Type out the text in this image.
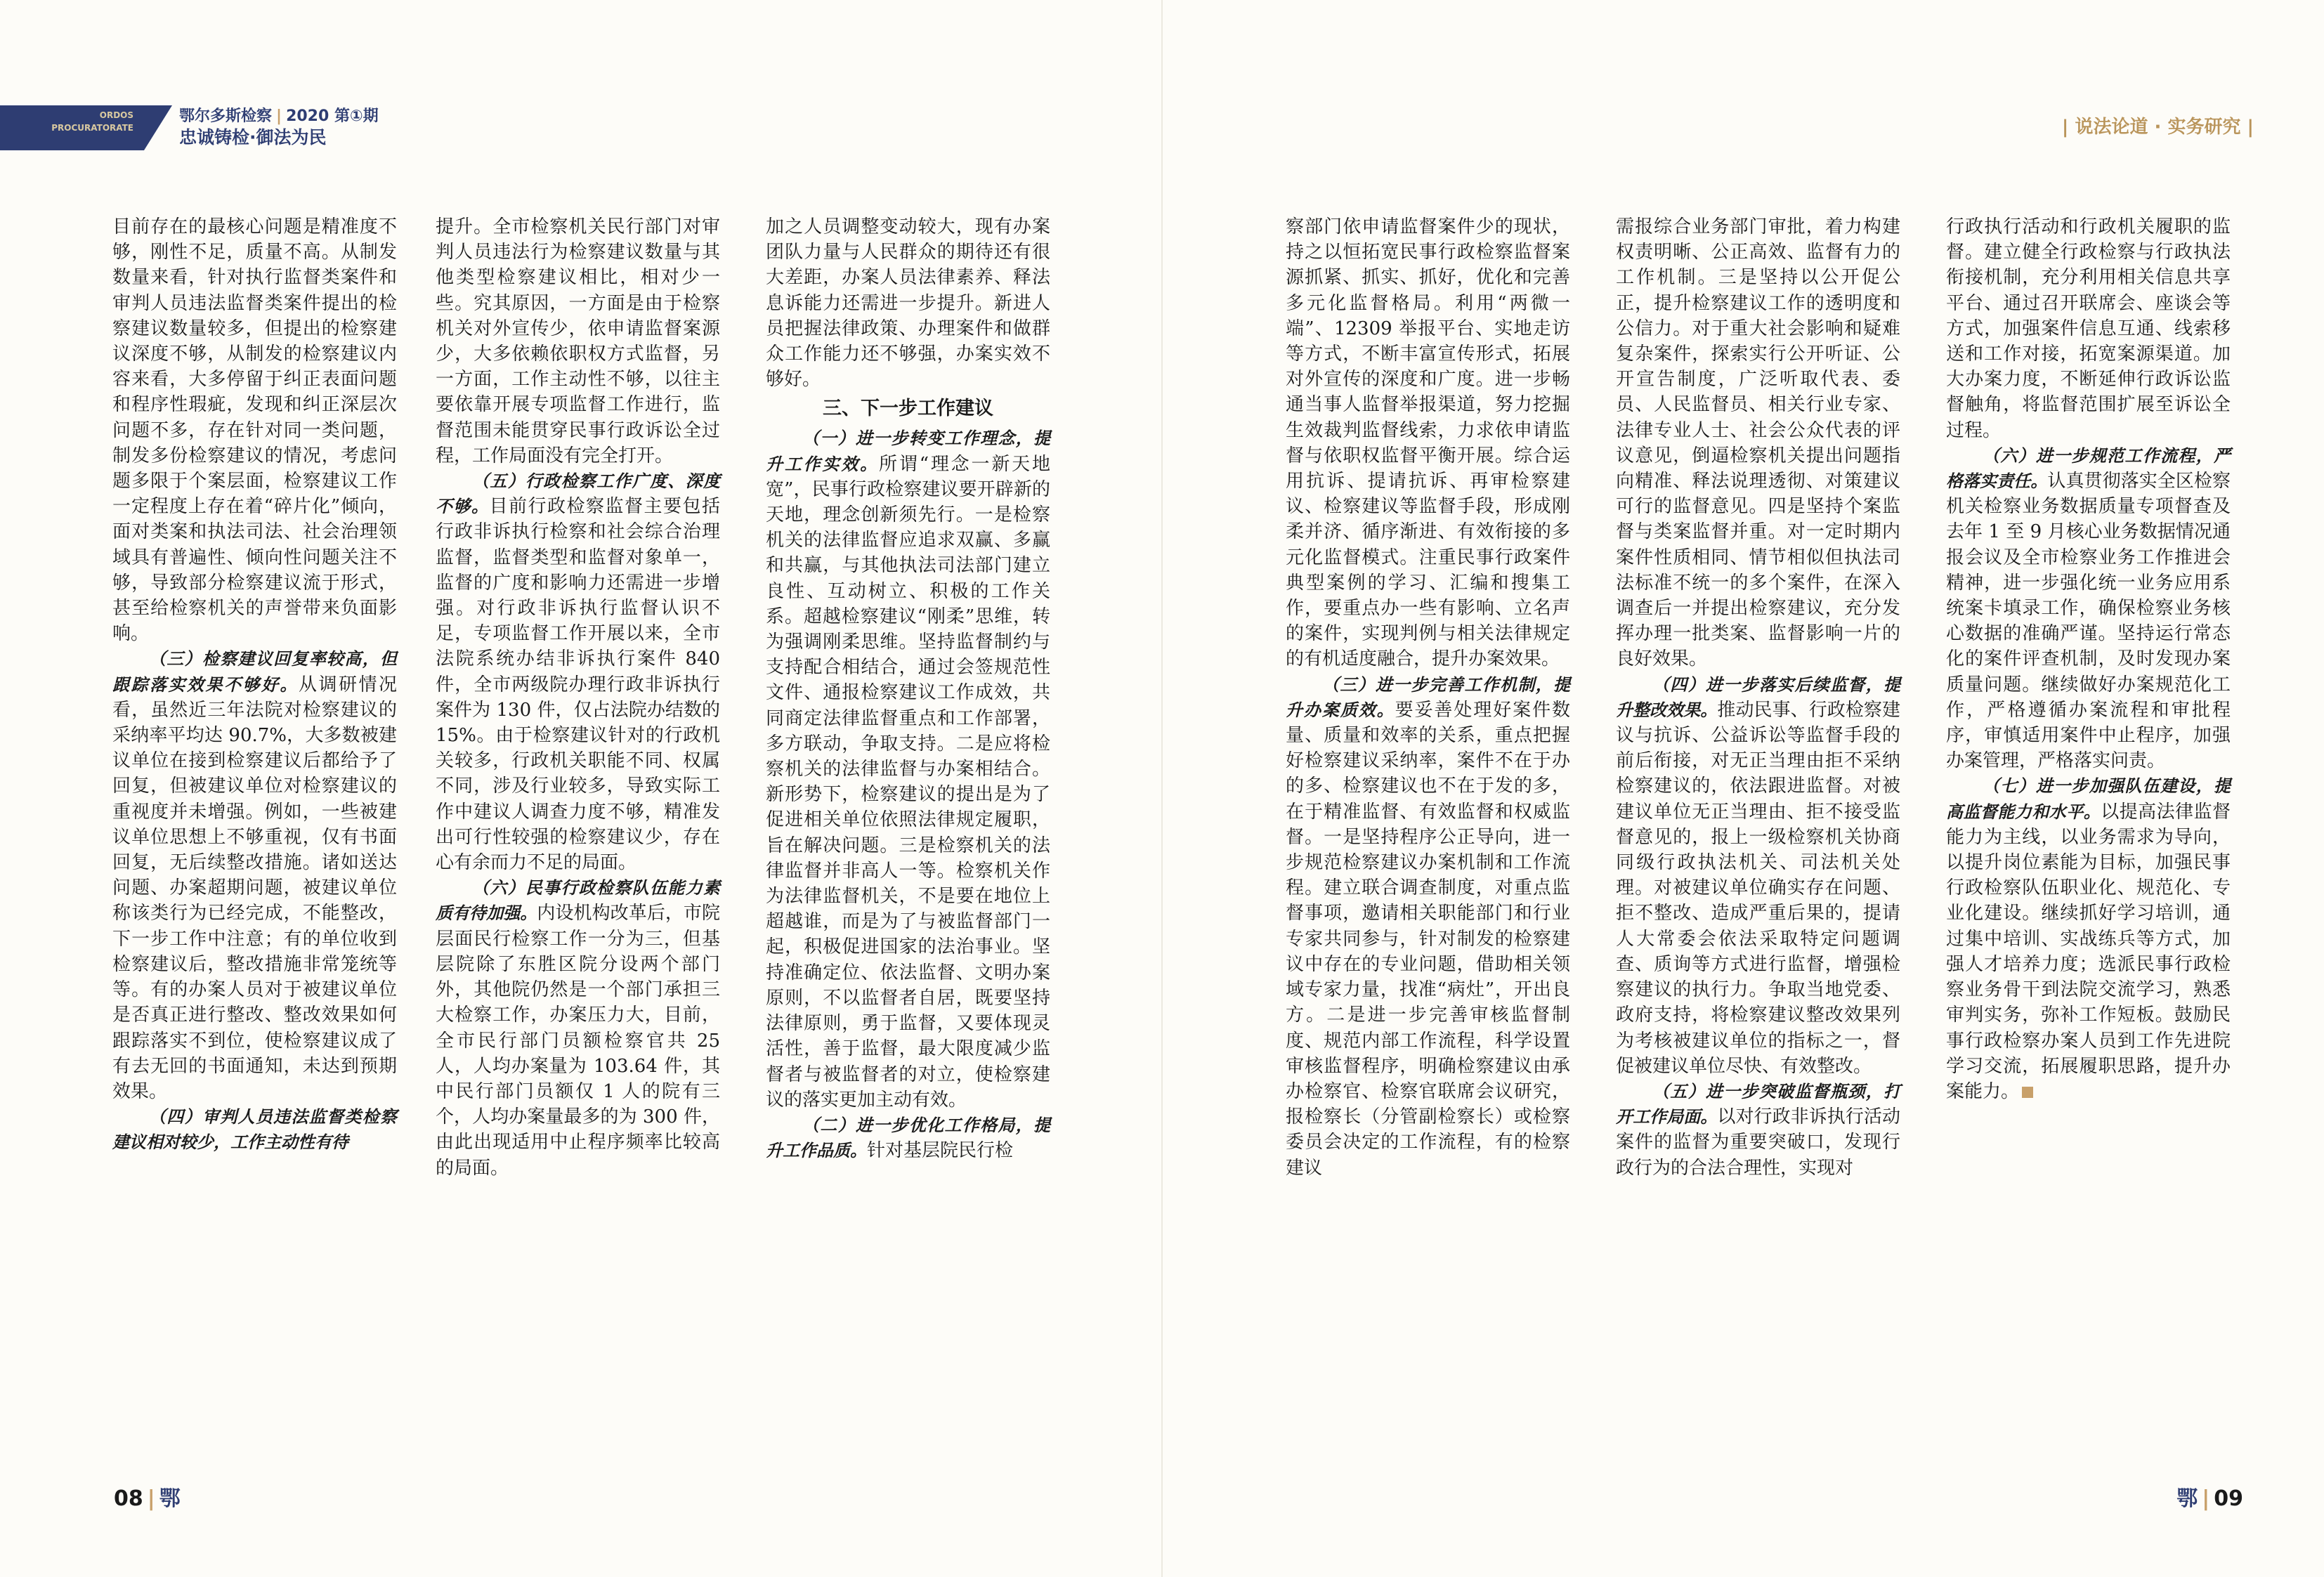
ORDOS
PROCURATORATE
鄂尔多斯检察 | 2020 第①期
忠诚铸检·御法为民	| 说法论道 · 实务研究 |

目前存在的最核心问题是精准度不够，刚性不足，质量不高。从制发数量来看，针对执行监督类案件和审判人员违法监督类案件提出的检察建议数量较多，但提出的检察建议深度不够，从制发的检察建议内容来看，大多停留于纠正表面问题和程序性瑕疵，发现和纠正深层次问题不多，存在针对同一类问题，制发多份检察建议的情况，考虑问题多限于个案层面，检察建议工作一定程度上存在着“碎片化”倾向，面对类案和执法司法、社会治理领域具有普遍性、倾向性问题关注不够，导致部分检察建议流于形式，甚至给检察机关的声誉带来负面影响。

（三）检察建议回复率较高，但跟踪落实效果不够好。从调研情况看，虽然近三年法院对检察建议的采纳率平均达 90.7%，大多数被建议单位在接到检察建议后都给予了回复，但被建议单位对检察建议的重视度并未增强。例如，一些被建议单位思想上不够重视，仅有书面回复，无后续整改措施。诸如送达问题、办案超期问题，被建议单位称该类行为已经完成，不能整改，下一步工作中注意；有的单位收到检察建议后，整改措施非常笼统等等。有的办案人员对于被建议单位是否真正进行整改、整改效果如何跟踪落实不到位，使检察建议成了有去无回的书面通知，未达到预期效果。

（四）审判人员违法监督类检察建议相对较少，工作主动性有待

提升。全市检察机关民行部门对审判人员违法行为检察建议数量与其他类型检察建议相比，相对少一些。究其原因，一方面是由于检察机关对外宣传少，依申请监督案源少，大多依赖依职权方式监督，另一方面，工作主动性不够，以往主要依靠开展专项监督工作进行，监督范围未能贯穿民事行政诉讼全过程，工作局面没有完全打开。

（五）行政检察工作广度、深度不够。目前行政检察监督主要包括行政非诉执行检察和社会综合治理监督，监督类型和监督对象单一，监督的广度和影响力还需进一步增强。对行政非诉执行监督认识不足，专项监督工作开展以来，全市法院系统办结非诉执行案件 840 件，全市两级院办理行政非诉执行案件为 130 件，仅占法院办结数的 15%。由于检察建议针对的行政机关较多，行政机关职能不同、权属不同，涉及行业较多，导致实际工作中建议人调查力度不够，精准发出可行性较强的检察建议少，存在心有余而力不足的局面。

（六）民事行政检察队伍能力素质有待加强。内设机构改革后，市院层面民行检察工作一分为三，但基层院除了东胜区院分设两个部门外，其他院仍然是一个部门承担三大检察工作，办案压力大，目前，全市民行部门员额检察官共 25 人，人均办案量为 103.64 件，其中民行部门员额仅 1 人的院有三个，人均办案量最多的为 300 件，由此出现适用中止程序频率比较高的局面。

加之人员调整变动较大，现有办案团队力量与人民群众的期待还有很大差距，办案人员法律素养、释法息诉能力还需进一步提升。新进人员把握法律政策、办理案件和做群众工作能力还不够强，办案实效不够好。

三、下一步工作建议

（一）进一步转变工作理念，提升工作实效。所谓“理念一新天地宽”，民事行政检察建议要开辟新的天地，理念创新须先行。一是检察机关的法律监督应追求双赢、多赢和共赢，与其他执法司法部门建立良性、互动树立、积极的工作关系。超越检察建议“刚柔”思维，转为强调刚柔思维。坚持监督制约与支持配合相结合，通过会签规范性文件、通报检察建议工作成效，共同商定法律监督重点和工作部署，多方联动，争取支持。二是应将检察机关的法律监督与办案相结合。新形势下，检察建议的提出是为了促进相关单位依照法律规定履职，旨在解决问题。三是检察机关的法律监督并非高人一等。检察机关作为法律监督机关，不是要在地位上超越谁，而是为了与被监督部门一起，积极促进国家的法治事业。坚持准确定位、依法监督、文明办案原则，不以监督者自居，既要坚持法律原则，勇于监督，又要体现灵活性，善于监督，最大限度减少监督者与被监督者的对立，使检察建议的落实更加主动有效。

（二）进一步优化工作格局，提升工作品质。针对基层院民行检

察部门依申请监督案件少的现状，持之以恒拓宽民事行政检察监督案源抓紧、抓实、抓好，优化和完善多元化监督格局。利用“两微一端”、12309 举报平台、实地走访等方式，不断丰富宣传形式，拓展对外宣传的深度和广度。进一步畅通当事人监督举报渠道，努力挖掘生效裁判监督线索，力求依申请监督与依职权监督平衡开展。综合运用抗诉、提请抗诉、再审检察建议、检察建议等监督手段，形成刚柔并济、循序渐进、有效衔接的多元化监督模式。注重民事行政案件典型案例的学习、汇编和搜集工作，要重点办一些有影响、立名声的案件，实现判例与相关法律规定的有机适度融合，提升办案效果。

（三）进一步完善工作机制，提升办案质效。要妥善处理好案件数量、质量和效率的关系，重点把握好检察建议采纳率，案件不在于办的多、检察建议也不在于发的多，在于精准监督、有效监督和权威监督。一是坚持程序公正导向，进一步规范检察建议办案机制和工作流程。建立联合调查制度，对重点监督事项，邀请相关职能部门和行业专家共同参与，针对制发的检察建议中存在的专业问题，借助相关领域专家力量，找准“病灶”，开出良方。二是进一步完善审核监督制度、规范内部工作流程，科学设置审核监督程序，明确检察建议由承办检察官、检察官联席会议研究，报检察长（分管副检察长）或检察委员会决定的工作流程，有的检察建议

需报综合业务部门审批，着力构建权责明晰、公正高效、监督有力的工作机制。三是坚持以公开促公正，提升检察建议工作的透明度和公信力。对于重大社会影响和疑难复杂案件，探索实行公开听证、公开宣告制度，广泛听取代表、委员、人民监督员、相关行业专家、法律专业人士、社会公众代表的评议意见，倒逼检察机关提出问题指向精准、释法说理透彻、对策建议可行的监督意见。四是坚持个案监督与类案监督并重。对一定时期内案件性质相同、情节相似但执法司法标准不统一的多个案件，在深入调查后一并提出检察建议，充分发挥办理一批类案、监督影响一片的良好效果。

（四）进一步落实后续监督，提升整改效果。推动民事、行政检察建议与抗诉、公益诉讼等监督手段的前后衔接，对无正当理由拒不采纳检察建议的，依法跟进监督。对被建议单位无正当理由、拒不接受监督意见的，报上一级检察机关协商同级行政执法机关、司法机关处理。对被建议单位确实存在问题、拒不整改、造成严重后果的，提请人大常委会依法采取特定问题调查、质询等方式进行监督，增强检察建议的执行力。争取当地党委、政府支持，将检察建议整改效果列为考核被建议单位的指标之一，督促被建议单位尽快、有效整改。

（五）进一步突破监督瓶颈，打开工作局面。以对行政非诉执行活动案件的监督为重要突破口，发现行政行为的合法合理性，实现对

行政执行活动和行政机关履职的监督。建立健全行政检察与行政执法衔接机制，充分利用相关信息共享平台、通过召开联席会、座谈会等方式，加强案件信息互通、线索移送和工作对接，拓宽案源渠道。加大办案力度，不断延伸行政诉讼监督触角，将监督范围扩展至诉讼全过程。

（六）进一步规范工作流程，严格落实责任。认真贯彻落实全区检察机关检察业务数据质量专项督查及去年 1 至 9 月核心业务数据情况通报会议及全市检察业务工作推进会精神，进一步强化统一业务应用系统案卡填录工作，确保检察业务核心数据的准确严谨。坚持运行常态化的案件评查机制，及时发现办案质量问题。继续做好办案规范化工作，严格遵循办案流程和审批程序，审慎适用案件中止程序，加强办案管理，严格落实问责。

（七）进一步加强队伍建设，提高监督能力和水平。以提高法律监督能力为主线，以业务需求为导向，以提升岗位素能为目标，加强民事行政检察队伍职业化、规范化、专业化建设。继续抓好学习培训，通过集中培训、实战练兵等方式，加强人才培养力度；选派民事行政检察业务骨干到法院交流学习，熟悉审判实务，弥补工作短板。鼓励民事行政检察办案人员到工作先进院学习交流，拓展履职思路，提升办案能力。

08 | 鄂	鄂 | 09
